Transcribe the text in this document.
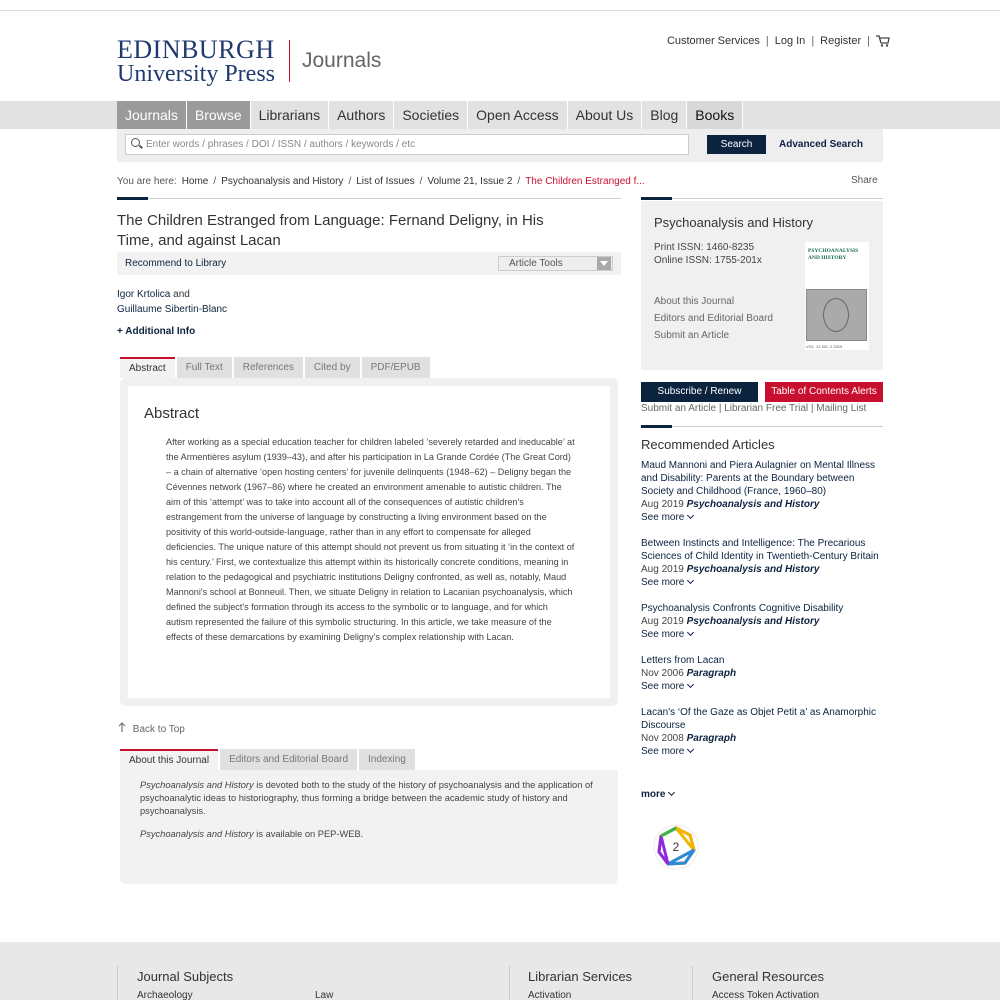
EDINBURGH
University Press
Journals
Customer Services | Log In | Register |
Journals	Browse	Librarians	Authors	Societies	Open Access	About Us	Blog	Books
Enter words / phrases / DOI / ISSN / authors / keywords / etc	Search	Advanced Search
You are here: Home / Psychoanalysis and History / List of Issues / Volume 21, Issue 2 / The Children Estranged f...	Share
The Children Estranged from Language: Fernand Deligny, in His Time, and against Lacan
Recommend to Library	Article Tools
Igor Krtolica and
Guillaume Sibertin-Blanc
+ Additional Info
Abstract	Full Text	References	Cited by	PDF/EPUB
Abstract
After working as a special education teacher for children labeled ‘severely retarded and ineducable’ at the Armentières asylum (1939–43), and after his participation in La Grande Cordée (The Great Cord) – a chain of alternative ‘open hosting centers’ for juvenile delinquents (1948–62) – Deligny began the Cévennes network (1967–86) where he created an environment amenable to autistic children. The aim of this ‘attempt’ was to take into account all of the consequences of autistic children's estrangement from the universe of language by constructing a living environment based on the positivity of this world-outside-language, rather than in any effort to compensate for alleged deficiencies. The unique nature of this attempt should not prevent us from situating it ‘in the context of his century.’ First, we contextualize this attempt within its historically concrete conditions, meaning in relation to the pedagogical and psychiatric institutions Deligny confronted, as well as, notably, Maud Mannoni's school at Bonneuil. Then, we situate Deligny in relation to Lacanian psychoanalysis, which defined the subject's formation through its access to the symbolic or to language, and for which autism represented the failure of this symbolic structuring. In this article, we take measure of the effects of these demarcations by examining Deligny's complex relationship with Lacan.
Back to Top
About this Journal	Editors and Editorial Board	Indexing

Psychoanalysis and History is devoted both to the study of the history of psychoanalysis and the application of psychoanalytic ideas to historiography, thus forming a bridge between the academic study of history and psychoanalysis.

Psychoanalysis and History is available on PEP-WEB.

Psychoanalysis and History
Print ISSN: 1460-8235
Online ISSN: 1755-201x
PSYCHOANALYSIS AND HISTORY
VOL. 21 NO. 2 2019
About this Journal
Editors and Editorial Board
Submit an Article
Subscribe / Renew	Table of Contents Alerts
Submit an Article | Librarian Free Trial | Mailing List
Recommended Articles
Maud Mannoni and Piera Aulagnier on Mental Illness and Disability: Parents at the Boundary between Society and Childhood (France, 1960–80)
Aug 2019 Psychoanalysis and History
See more
Between Instincts and Intelligence: The Precarious Sciences of Child Identity in Twentieth-Century Britain
Aug 2019 Psychoanalysis and History
See more
Psychoanalysis Confronts Cognitive Disability
Aug 2019 Psychoanalysis and History
See more
Letters from Lacan
Nov 2006 Paragraph
See more
Lacan's ‘Of the Gaze as Objet Petit a’ as Anamorphic Discourse
Nov 2008 Paragraph
See more
more
2
Journal Subjects
Archaeology	Law
Librarian Services
Activation
General Resources
Access Token Activation
